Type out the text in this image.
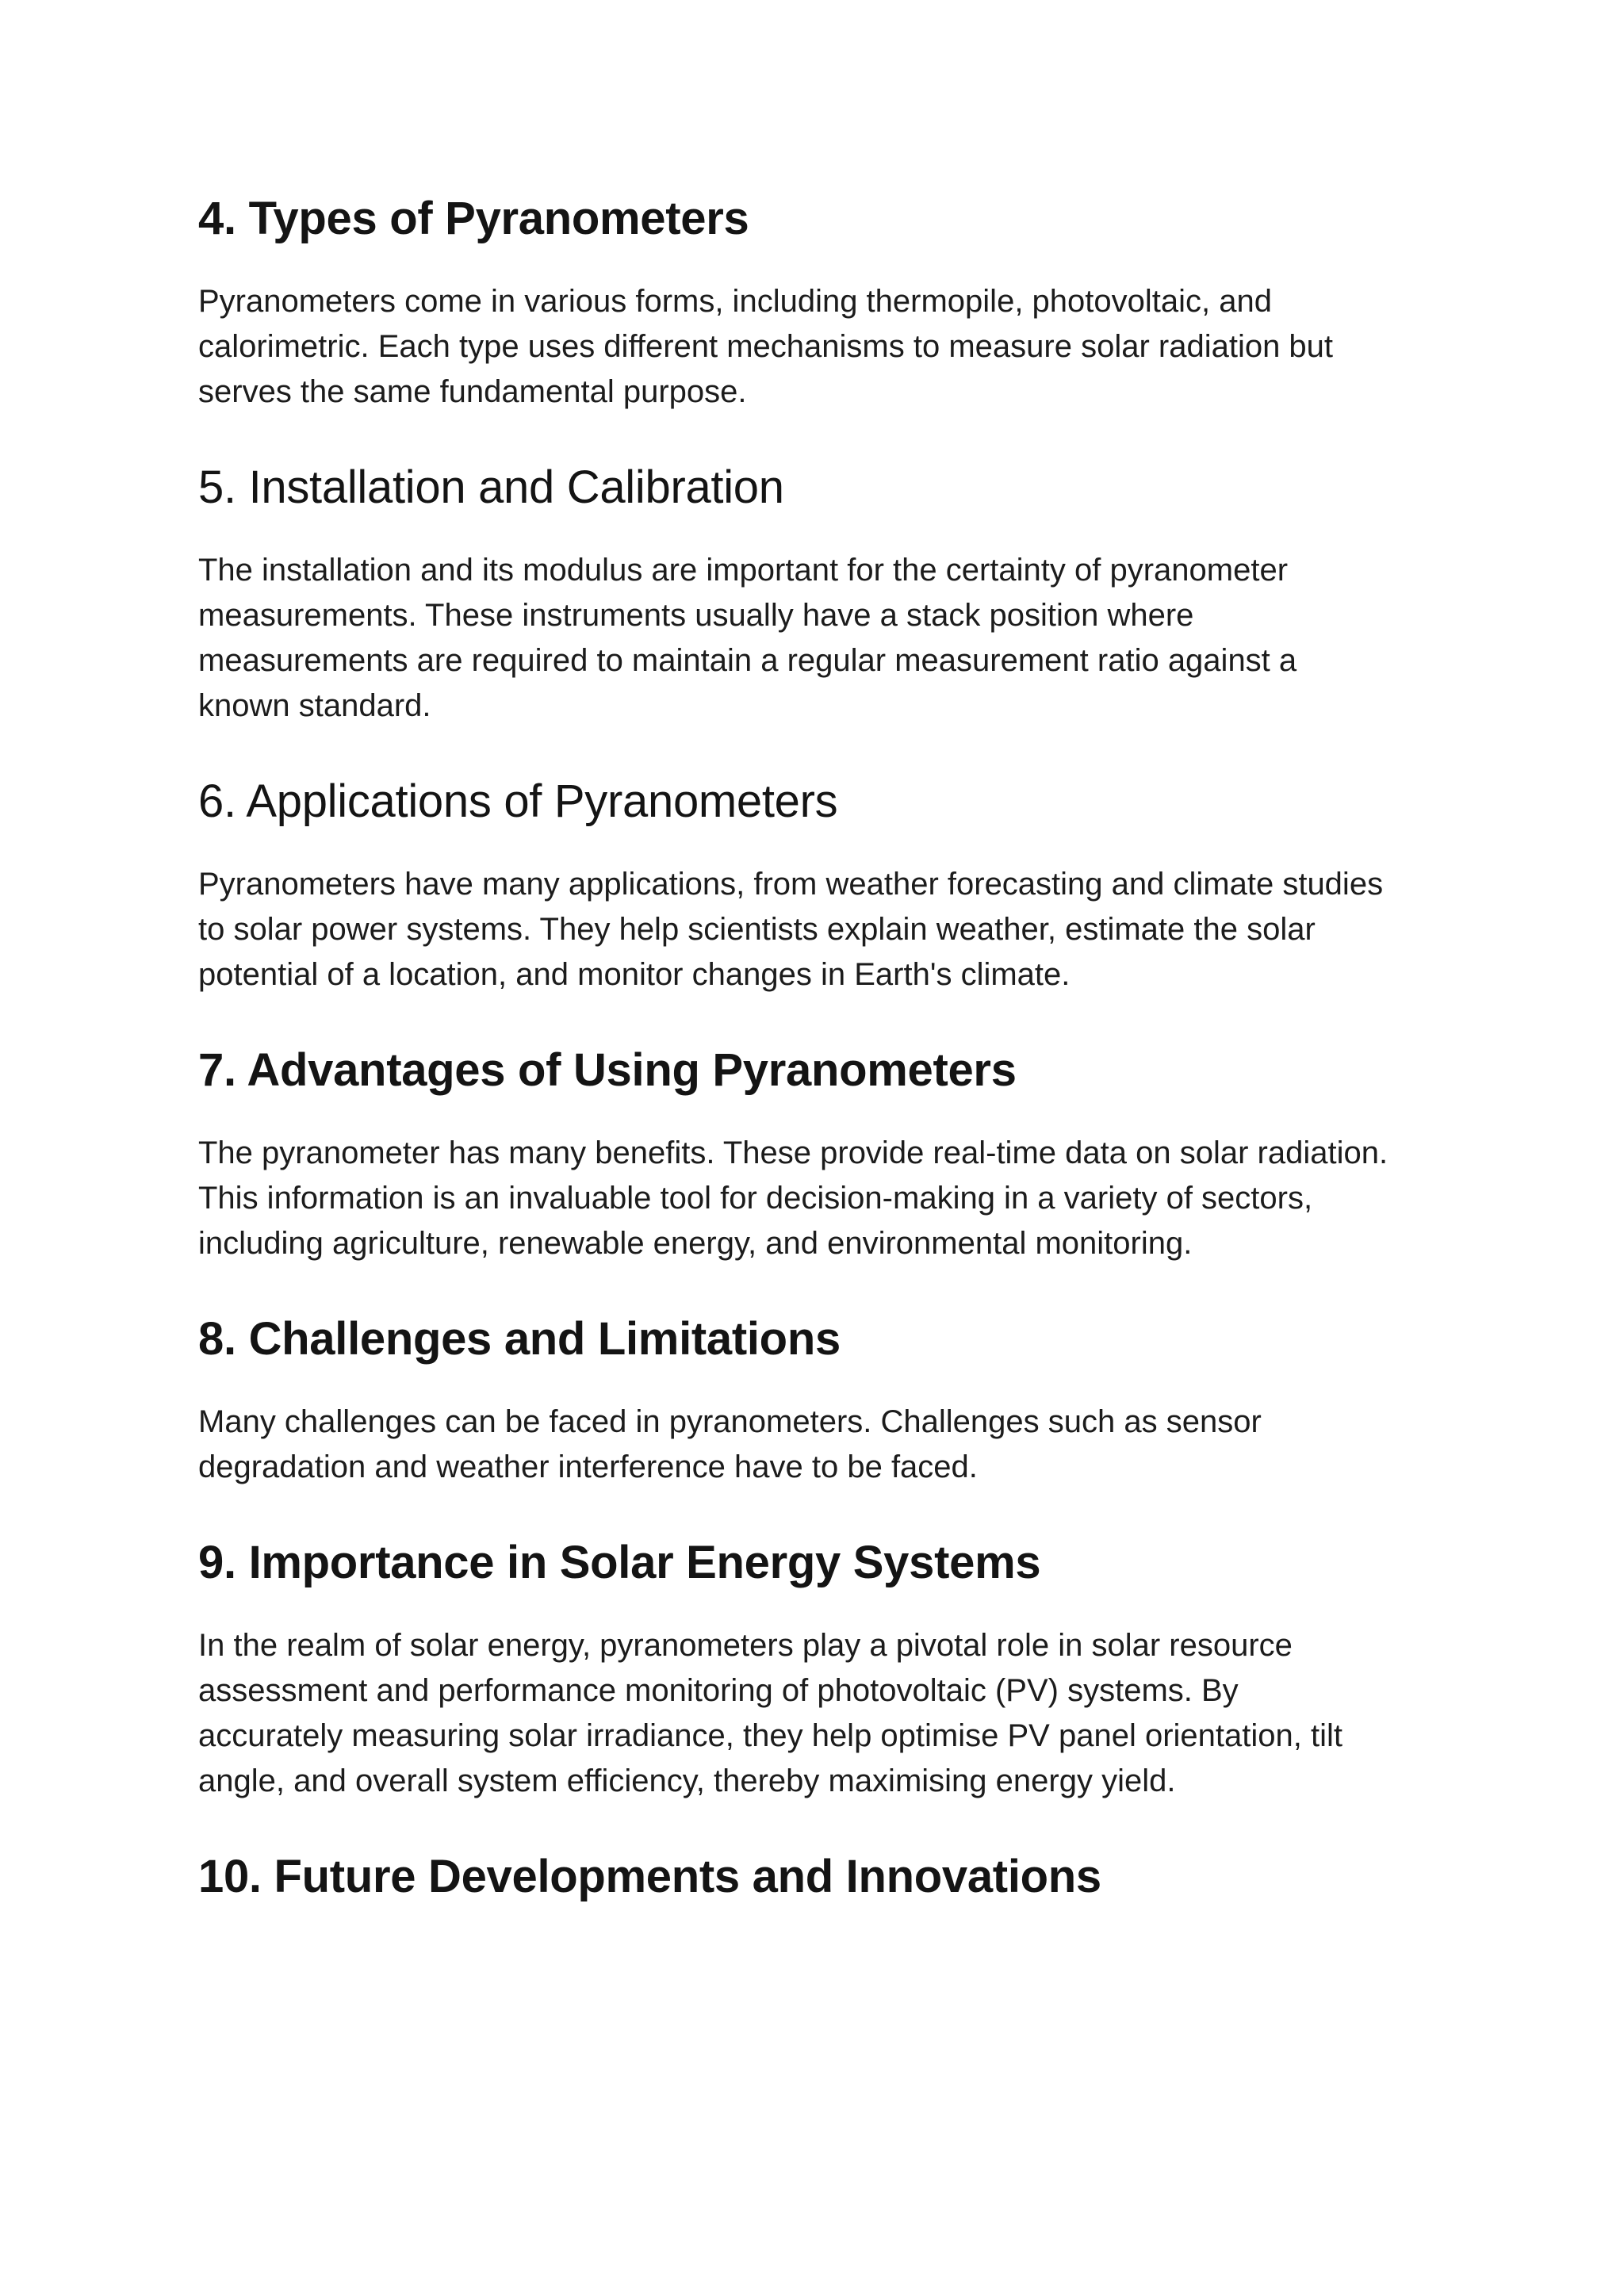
4. Types of Pyranometers

Pyranometers come in various forms, including thermopile, photovoltaic, and
calorimetric. Each type uses different mechanisms to measure solar radiation but
serves the same fundamental purpose.

5. Installation and Calibration

The installation and its modulus are important for the certainty of pyranometer
measurements. These instruments usually have a stack position where
measurements are required to maintain a regular measurement ratio against a
known standard.

6. Applications of Pyranometers

Pyranometers have many applications, from weather forecasting and climate studies
to solar power systems. They help scientists explain weather, estimate the solar
potential of a location, and monitor changes in Earth's climate.

7. Advantages of Using Pyranometers

The pyranometer has many benefits. These provide real-time data on solar radiation.
This information is an invaluable tool for decision-making in a variety of sectors,
including agriculture, renewable energy, and environmental monitoring.

8. Challenges and Limitations

Many challenges can be faced in pyranometers. Challenges such as sensor
degradation and weather interference have to be faced.

9. Importance in Solar Energy Systems

In the realm of solar energy, pyranometers play a pivotal role in solar resource
assessment and performance monitoring of photovoltaic (PV) systems. By
accurately measuring solar irradiance, they help optimise PV panel orientation, tilt
angle, and overall system efficiency, thereby maximising energy yield.

10. Future Developments and Innovations
